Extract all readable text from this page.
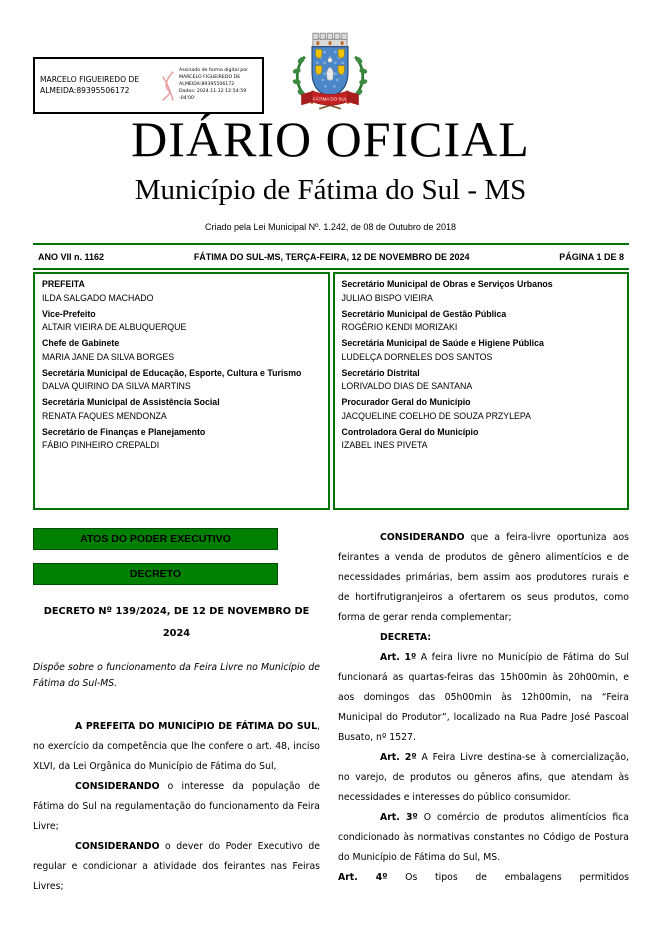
MARCELO FIGUEIREDO DE ALMEIDA:89395506172
Assinado de forma digital por
MARCELO FIGUEIREDO DE
ALMEIDA:89395506172
Dados: 2024.11.12 12:54:59 -04'00'	FÁTIMA DO SUL
DIÁRIO OFICIAL
Município de Fátima do Sul - MS
Criado pela Lei Municipal Nº. 1.242, de 08 de Outubro de 2018
ANO VII n. 1162	FÁTIMA DO SUL-MS, TERÇA-FEIRA, 12 DE NOVEMBRO DE 2024	PÁGINA 1 DE 8
PREFEITA
ILDA SALGADO MACHADO
Vice-Prefeito
ALTAIR VIEIRA DE ALBUQUERQUE
Chefe de Gabinete
MARIA JANE DA SILVA BORGES
Secretária Municipal de Educação, Esporte, Cultura e Turismo
DALVA QUIRINO DA SILVA MARTINS
Secretária Municipal de Assistência Social
RENATA FAQUES MENDONZA
Secretário de Finanças e Planejamento
FÁBIO PINHEIRO CREPALDI
Secretário Municipal de Obras e Serviços Urbanos
JULIAO BISPO VIEIRA
Secretário Municipal de Gestão Pública
ROGÉRIO KENDI MORIZAKI
Secretária Municipal de Saúde e Higiene Pública
LUDELÇA DORNELES DOS SANTOS
Secretário Distrital
LORIVALDO DIAS DE SANTANA
Procurador Geral do Município
JACQUELINE COELHO DE SOUZA PRZYLEPA
Controladora Geral do Município
IZABEL INES PIVETA
ATOS DO PODER EXECUTIVO
DECRETO
DECRETO Nº 139/2024, DE 12 DE NOVEMBRO DE 2024

Dispõe sobre o funcionamento da Feira Livre no Município de Fátima do Sul-MS.

A PREFEITA DO MUNICÍPIO DE FÁTIMA DO SUL, no exercício da competência que lhe confere o art. 48, inciso XLVI, da Lei Orgânica do Município de Fátima do Sul,

CONSIDERANDO o interesse da população de Fátima do Sul na regulamentação do funcionamento da Feira Livre;

CONSIDERANDO o dever do Poder Executivo de regular e condicionar a atividade dos feirantes nas Feiras Livres;

CONSIDERANDO que a feira-livre oportuniza aos feirantes a venda de produtos de gênero alimentícios e de necessidades primárias, bem assim aos produtores rurais e de hortifrutigranjeiros a ofertarem os seus produtos, como forma de gerar renda complementar;

DECRETA:

Art. 1º A feira livre no Município de Fátima do Sul funcionará as quartas-feiras das 15h00min às 20h00min, e aos domingos das 05h00min às 12h00min, na “Feira Municipal do Produtor”, localizado na Rua Padre José Pascoal Busato, nº 1527.

Art. 2º A Feira Livre destina-se à comercialização, no varejo, de produtos ou gêneros afins, que atendam às necessidades e interesses do público consumidor.

Art. 3º O comércio de produtos alimentícios fica condicionado às normativas constantes no Código de Postura do Município de Fátima do Sul, MS.

Art. 4º Os tipos de embalagens permitidos
